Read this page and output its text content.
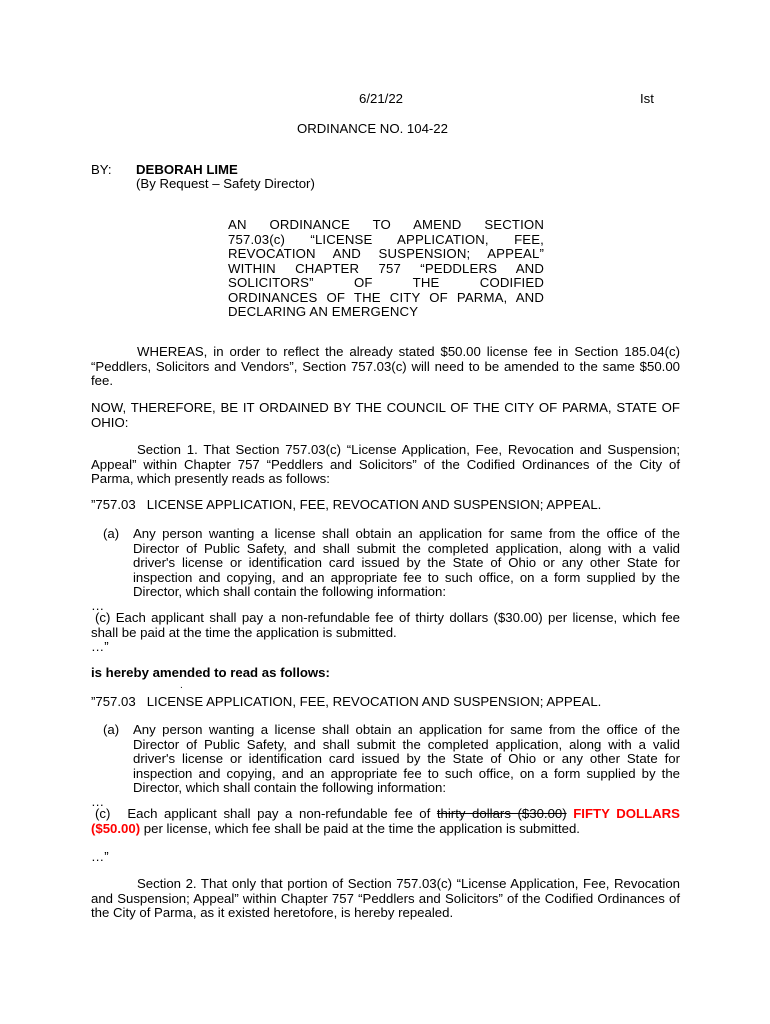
6/21/22	Ist
ORDINANCE NO. 104-22
BY: DEBORAH LIME
(By Request – Safety Director)
AN ORDINANCE TO AMEND SECTION
757.03(c) “LICENSE APPLICATION, FEE,
REVOCATION AND SUSPENSION; APPEAL”
WITHIN CHAPTER 757 “PEDDLERS AND
SOLICITORS” OF THE CODIFIED
ORDINANCES OF THE CITY OF PARMA, AND
DECLARING AN EMERGENCY
WHEREAS, in order to reflect the already stated $50.00 license fee in Section 185.04(c) “Peddlers, Solicitors and Vendors”, Section 757.03(c) will need to be amended to the same $50.00 fee.
NOW, THEREFORE, BE IT ORDAINED BY THE COUNCIL OF THE CITY OF PARMA, STATE OF OHIO:
Section 1. That Section 757.03(c) “License Application, Fee, Revocation and Suspension; Appeal” within Chapter 757 “Peddlers and Solicitors” of the Codified Ordinances of the City of Parma, which presently reads as follows:
”757.03   LICENSE APPLICATION, FEE, REVOCATION AND SUSPENSION; APPEAL.
(a) Any person wanting a license shall obtain an application for same from the office of the Director of Public Safety, and shall submit the completed application, along with a valid driver's license or identification card issued by the State of Ohio or any other State for inspection and copying, and an appropriate fee to such office, on a form supplied by the Director, which shall contain the following information:
…
(c) Each applicant shall pay a non-refundable fee of thirty dollars ($30.00) per license, which fee shall be paid at the time the application is submitted.
…”
is hereby amended to read as follows:
.
”757.03   LICENSE APPLICATION, FEE, REVOCATION AND SUSPENSION; APPEAL.
(a) Any person wanting a license shall obtain an application for same from the office of the Director of Public Safety, and shall submit the completed application, along with a valid driver's license or identification card issued by the State of Ohio or any other State for inspection and copying, and an appropriate fee to such office, on a form supplied by the Director, which shall contain the following information:
…
(c) Each applicant shall pay a non-refundable fee of thirty dollars ($30.00) FIFTY DOLLARS ($50.00) per license, which fee shall be paid at the time the application is submitted.
…”
Section 2. That only that portion of Section 757.03(c) “License Application, Fee, Revocation and Suspension; Appeal” within Chapter 757 “Peddlers and Solicitors” of the Codified Ordinances of the City of Parma, as it existed heretofore, is hereby repealed.
